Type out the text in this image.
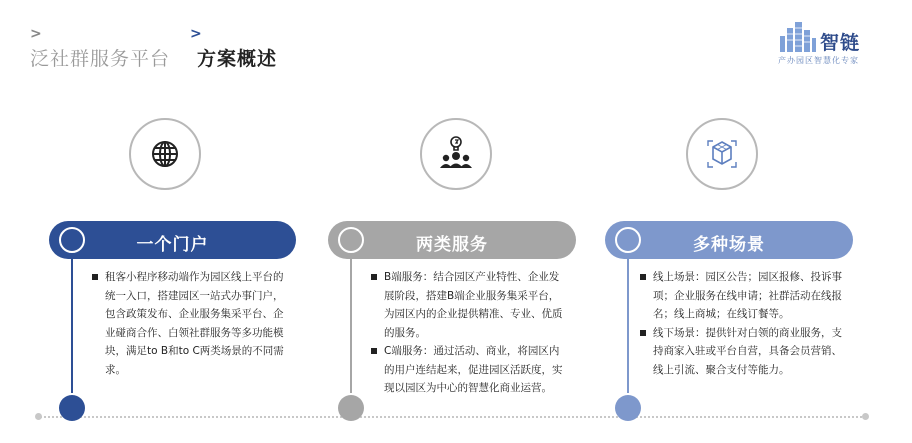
>
泛社群服务平台
>
方案概述
智链
产办园区智慧化专家
一个门户
租客小程序移动端作为园区线上平台的统一入口，搭建园区一站式办事门户，包含政策发布、企业服务集采平台、企业碰商合作、白领社群服务等多功能模块，满足to B和to C两类场景的不同需求。
两类服务
B端服务：结合园区产业特性、企业发展阶段，搭建B端企业服务集采平台，为园区内的企业提供精准、专业、优质的服务。
C端服务：通过活动、商业，将园区内的用户连结起来，促进园区活跃度，实现以园区为中心的智慧化商业运营。
多种场景
线上场景：园区公告；园区报修、投诉事项；企业服务在线申请；社群活动在线报名；线上商城；在线订餐等。
线下场景：提供针对白领的商业服务，支持商家入驻或平台自营，具备会员营销、线上引流、聚合支付等能力。
